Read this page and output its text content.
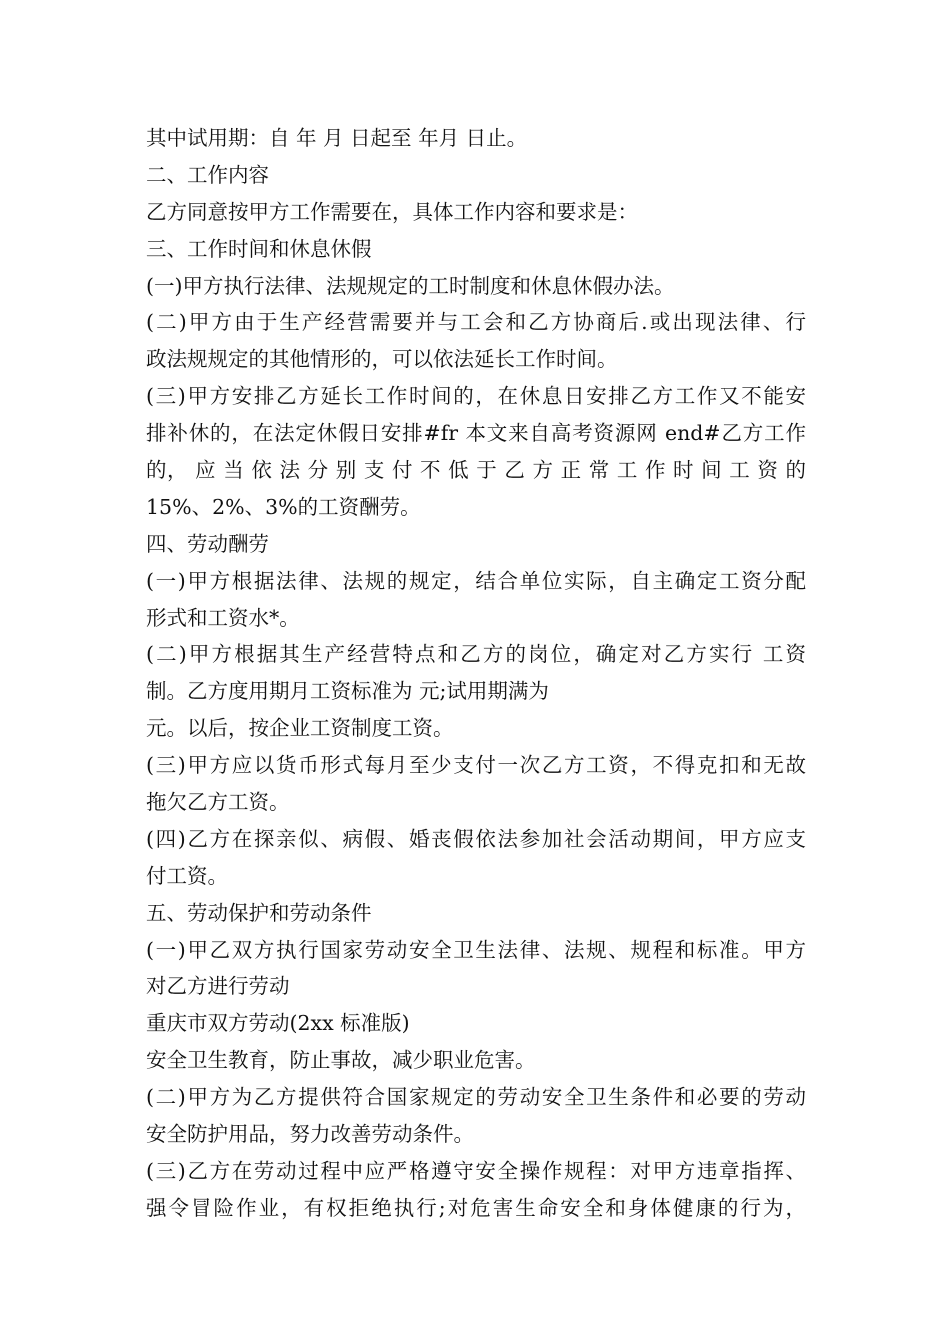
其中试用期：自 年 月 日起至 年月 日止。
二、工作内容
乙方同意按甲方工作需要在，具体工作内容和要求是：
三、工作时间和休息休假
(一)甲方执行法律、法规规定的工时制度和休息休假办法。
(二)甲方由于生产经营需要并与工会和乙方协商后.或出现法律、行
政法规规定的其他情形的，可以依法延长工作时间。
(三)甲方安排乙方延长工作时间的，在休息日安排乙方工作又不能安
排补休的，在法定休假日安排#fr 本文来自高考资源网 end#乙方工作
的， 应 当 依 法 分 别 支 付 不 低 于 乙 方 正 常 工 作 时 间 工 资 的
15%、2%、3%的工资酬劳。
四、劳动酬劳
(一)甲方根据法律、法规的规定，结合单位实际，自主确定工资分配
形式和工资水*。
(二)甲方根据其生产经营特点和乙方的岗位，确定对乙方实行 工资
制。乙方度用期月工资标准为 元;试用期满为
元。以后，按企业工资制度工资。
(三)甲方应以货币形式每月至少支付一次乙方工资，不得克扣和无故
拖欠乙方工资。
(四)乙方在探亲似、病假、婚丧假依法参加社会活动期间，甲方应支
付工资。
五、劳动保护和劳动条件
(一)甲乙双方执行国家劳动安全卫生法律、法规、规程和标准。甲方
对乙方进行劳动
重庆市双方劳动(2xx 标准版)
安全卫生教育，防止事故，减少职业危害。
(二)甲方为乙方提供符合国家规定的劳动安全卫生条件和必要的劳动
安全防护用品，努力改善劳动条件。
(三)乙方在劳动过程中应严格遵守安全操作规程：对甲方违章指挥、
强令冒险作业，有权拒绝执行;对危害生命安全和身体健康的行为，
